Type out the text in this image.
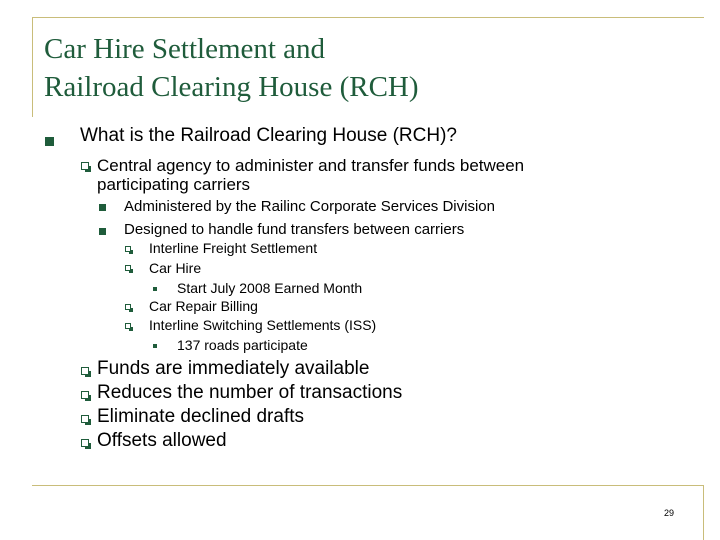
Car Hire Settlement and
Railroad Clearing House (RCH)
What is the Railroad Clearing House (RCH)?
Central agency to administer and transfer funds between
participating carriers
Administered by the Railinc Corporate Services Division
Designed to handle fund transfers between carriers
Interline Freight Settlement
Car Hire
Start July 2008 Earned Month
Car Repair Billing
Interline Switching Settlements (ISS)
137 roads participate
Funds are immediately available
Reduces the number of transactions
Eliminate declined drafts
Offsets allowed
29
